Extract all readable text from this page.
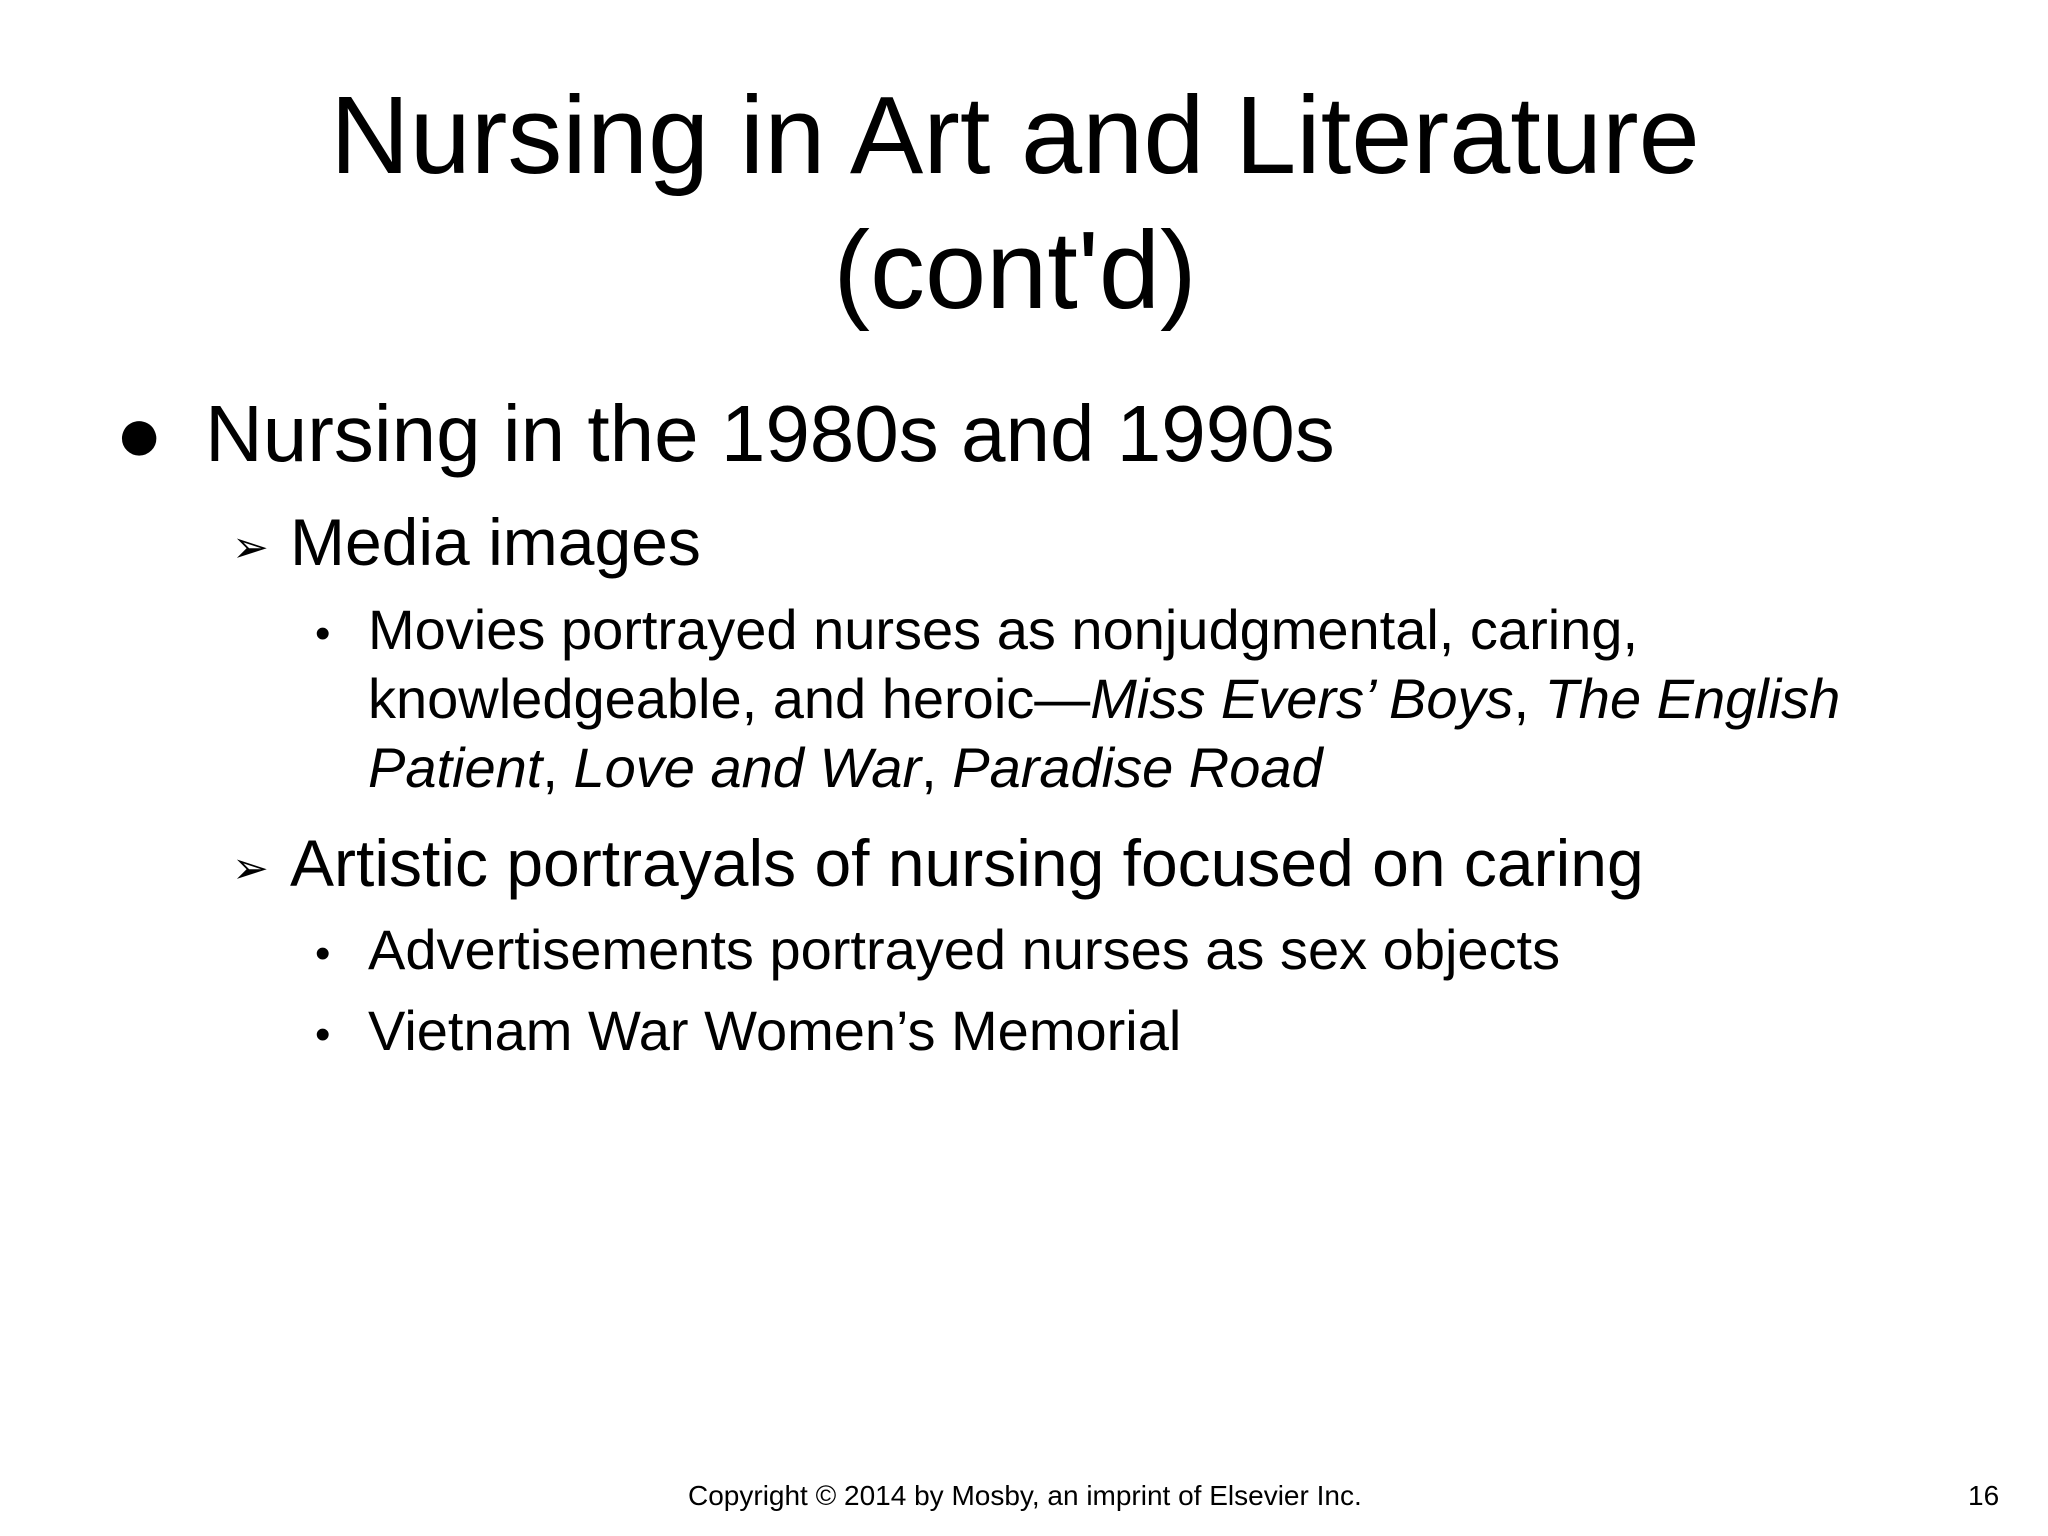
Nursing in Art and Literature
(cont'd)
● Nursing in the 1980s and 1990s
➢ Media images
• Movies portrayed nurses as nonjudgmental, caring, knowledgeable, and heroic—Miss Evers’ Boys, The English Patient, Love and War, Paradise Road
➢ Artistic portrayals of nursing focused on caring
• Advertisements portrayed nurses as sex objects
• Vietnam War Women’s Memorial
Copyright © 2014 by Mosby, an imprint of Elsevier Inc.	16
